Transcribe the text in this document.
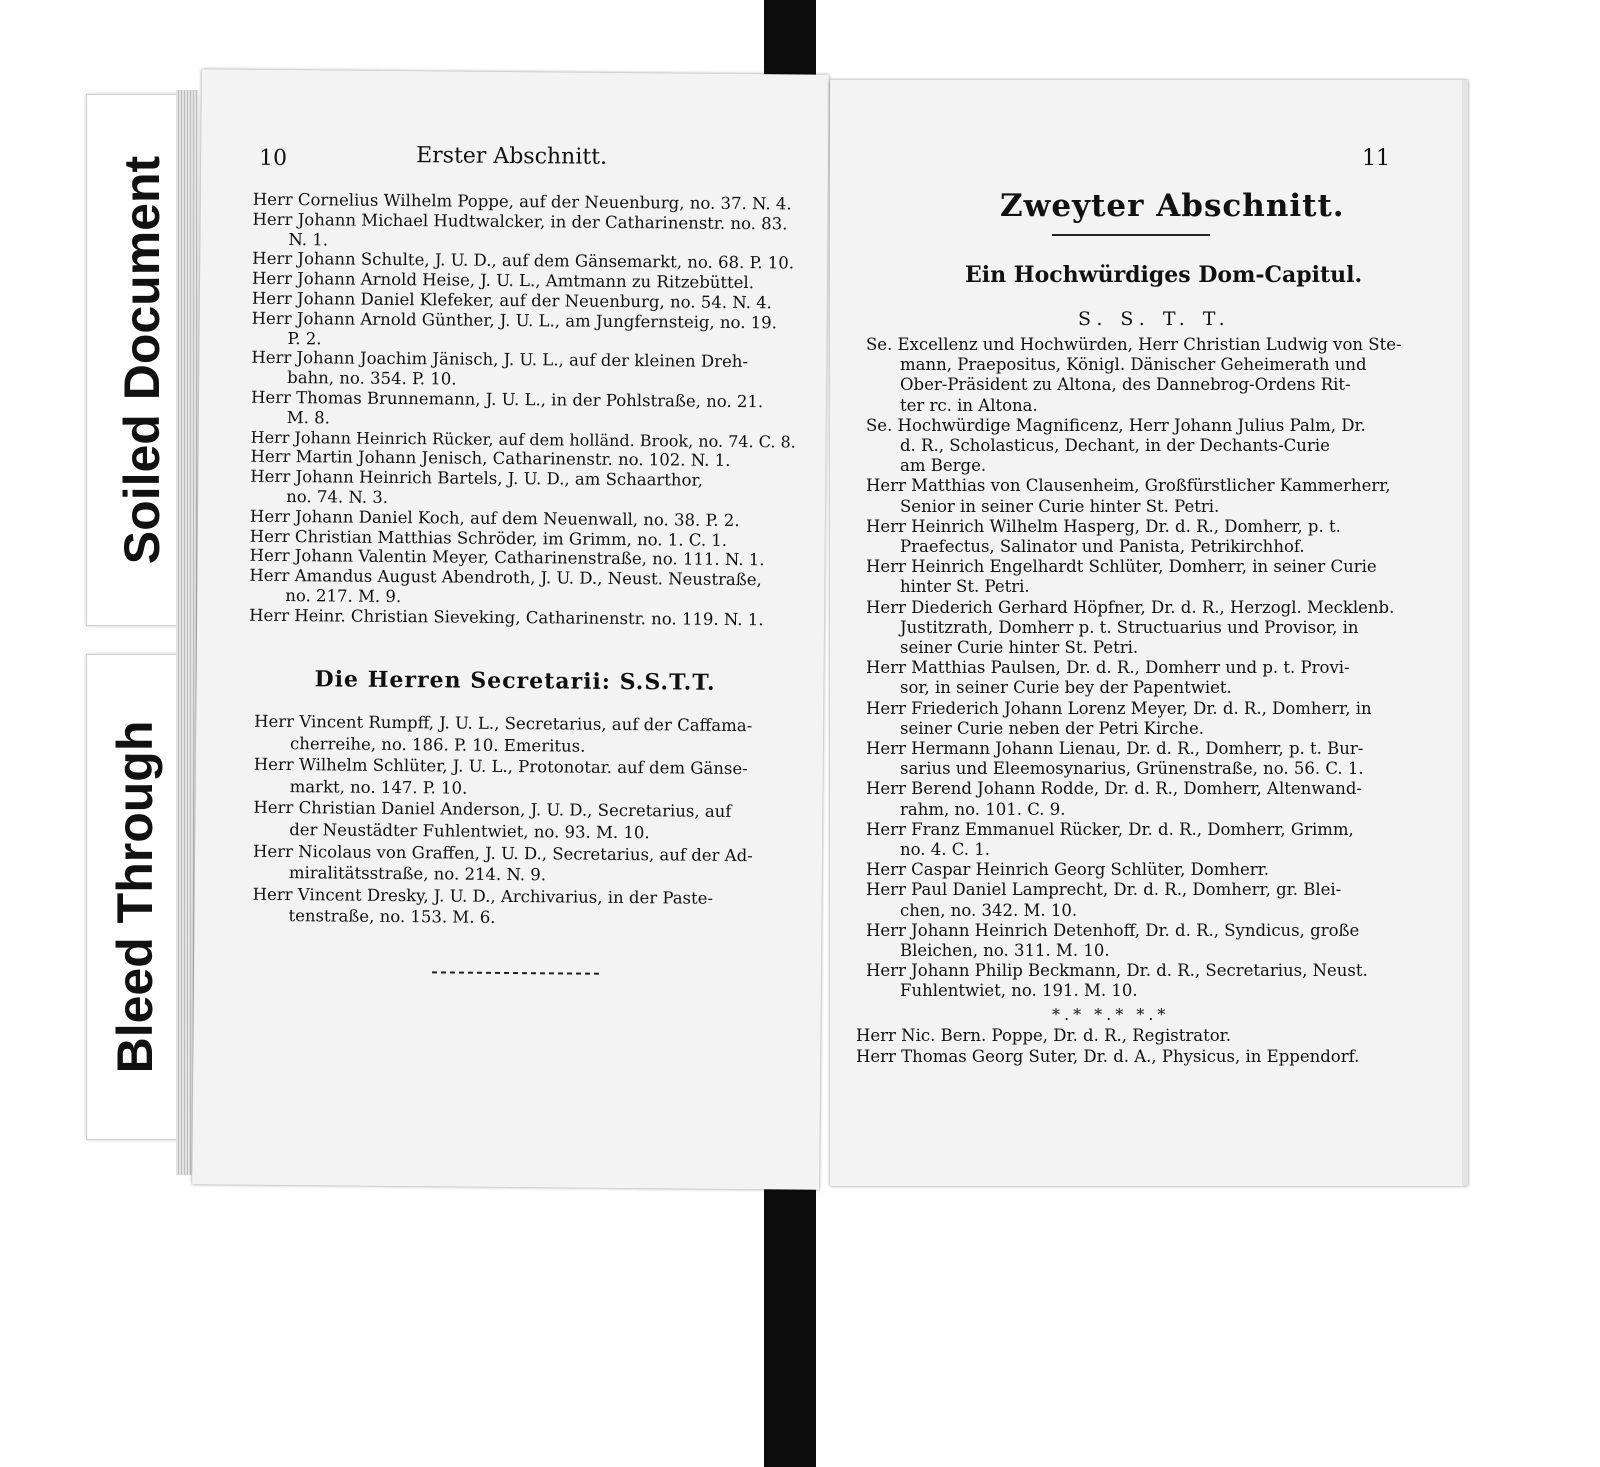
Soiled Document
Bleed Through
10	Erster Abschnitt.
Herr Cornelius Wilhelm Poppe, auf der Neuenburg, no. 37. N. 4.
Herr Johann Michael Hudtwalcker, in der Catharinenstr. no. 83.
N. 1.
Herr Johann Schulte, J. U. D., auf dem Gänsemarkt, no. 68. P. 10.
Herr Johann Arnold Heise, J. U. L., Amtmann zu Ritzebüttel.
Herr Johann Daniel Klefeker, auf der Neuenburg, no. 54. N. 4.
Herr Johann Arnold Günther, J. U. L., am Jungfernsteig, no. 19.
P. 2.
Herr Johann Joachim Jänisch, J. U. L., auf der kleinen Dreh-
bahn, no. 354. P. 10.
Herr Thomas Brunnemann, J. U. L., in der Pohlstraße, no. 21.
M. 8.
Herr Johann Heinrich Rücker, auf dem holländ. Brook, no. 74. C. 8.
Herr Martin Johann Jenisch, Catharinenstr. no. 102. N. 1.
Herr Johann Heinrich Bartels, J. U. D., am Schaarthor,
no. 74. N. 3.
Herr Johann Daniel Koch, auf dem Neuenwall, no. 38. P. 2.
Herr Christian Matthias Schröder, im Grimm, no. 1. C. 1.
Herr Johann Valentin Meyer, Catharinenstraße, no. 111. N. 1.
Herr Amandus August Abendroth, J. U. D., Neust. Neustraße,
no. 217. M. 9.
Herr Heinr. Christian Sieveking, Catharinenstr. no. 119. N. 1.
Die Herren Secretarii: S.S.T.T.
Herr Vincent Rumpff, J. U. L., Secretarius, auf der Caffama-
cherreihe, no. 186. P. 10. Emeritus.
Herr Wilhelm Schlüter, J. U. L., Protonotar. auf dem Gänse-
markt, no. 147. P. 10.
Herr Christian Daniel Anderson, J. U. D., Secretarius, auf
der Neustädter Fuhlentwiet, no. 93. M. 10.
Herr Nicolaus von Graffen, J. U. D., Secretarius, auf der Ad-
miralitätsstraße, no. 214. N. 9.
Herr Vincent Dresky, J. U. D., Archivarius, in der Paste-
tenstraße, no. 153. M. 6.
11
Zweyter Abschnitt.
Ein Hochwürdiges Dom-Capitul.
S. S. T. T.
Se. Excellenz und Hochwürden, Herr Christian Ludwig von Ste-
mann, Praepositus, Königl. Dänischer Geheimerath und
Ober-Präsident zu Altona, des Dannebrog-Ordens Rit-
ter rc. in Altona.
Se. Hochwürdige Magnificenz, Herr Johann Julius Palm, Dr.
d. R., Scholasticus, Dechant, in der Dechants-Curie
am Berge.
Herr Matthias von Clausenheim, Großfürstlicher Kammerherr,
Senior in seiner Curie hinter St. Petri.
Herr Heinrich Wilhelm Hasperg, Dr. d. R., Domherr, p. t.
Praefectus, Salinator und Panista, Petrikirchhof.
Herr Heinrich Engelhardt Schlüter, Domherr, in seiner Curie
hinter St. Petri.
Herr Diederich Gerhard Höpfner, Dr. d. R., Herzogl. Mecklenb.
Justitzrath, Domherr p. t. Structuarius und Provisor, in
seiner Curie hinter St. Petri.
Herr Matthias Paulsen, Dr. d. R., Domherr und p. t. Provi-
sor, in seiner Curie bey der Papentwiet.
Herr Friederich Johann Lorenz Meyer, Dr. d. R., Domherr, in
seiner Curie neben der Petri Kirche.
Herr Hermann Johann Lienau, Dr. d. R., Domherr, p. t. Bur-
sarius und Eleemosynarius, Grünenstraße, no. 56. C. 1.
Herr Berend Johann Rodde, Dr. d. R., Domherr, Altenwand-
rahm, no. 101. C. 9.
Herr Franz Emmanuel Rücker, Dr. d. R., Domherr, Grimm,
no. 4. C. 1.
Herr Caspar Heinrich Georg Schlüter, Domherr.
Herr Paul Daniel Lamprecht, Dr. d. R., Domherr, gr. Blei-
chen, no. 342. M. 10.
Herr Johann Heinrich Detenhoff, Dr. d. R., Syndicus, große
Bleichen, no. 311. M. 10.
Herr Johann Philip Beckmann, Dr. d. R., Secretarius, Neust.
Fuhlentwiet, no. 191. M. 10.
*.* *.* *.*
Herr Nic. Bern. Poppe, Dr. d. R., Registrator.
Herr Thomas Georg Suter, Dr. d. A., Physicus, in Eppendorf.
